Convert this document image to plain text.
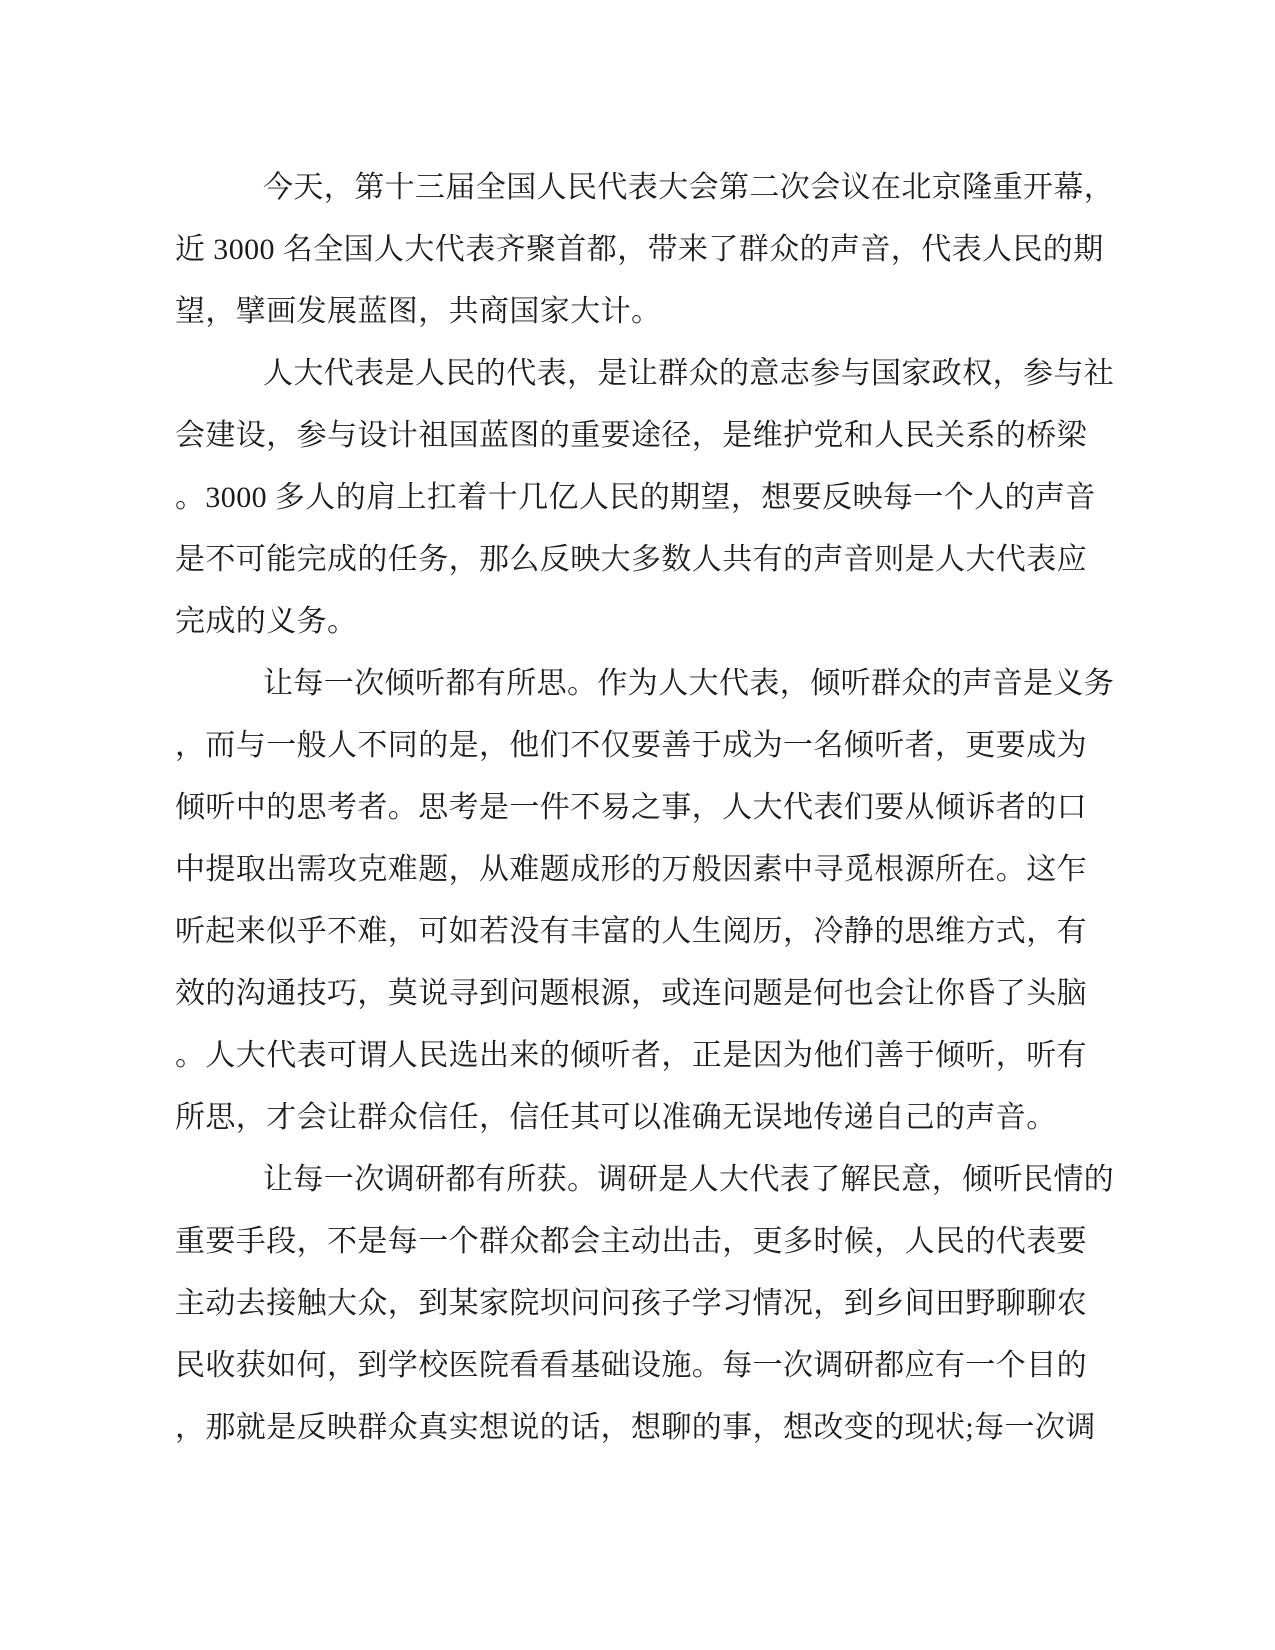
今天，第十三届全国人民代表大会第二次会议在北京隆重开幕，
近 3000 名全国人大代表齐聚首都，带来了群众的声音，代表人民的期
望，擘画发展蓝图，共商国家大计。
人大代表是人民的代表，是让群众的意志参与国家政权，参与社
会建设，参与设计祖国蓝图的重要途径，是维护党和人民关系的桥梁
。3000 多人的肩上扛着十几亿人民的期望，想要反映每一个人的声音
是不可能完成的任务，那么反映大多数人共有的声音则是人大代表应
完成的义务。
让每一次倾听都有所思。作为人大代表，倾听群众的声音是义务
，而与一般人不同的是，他们不仅要善于成为一名倾听者，更要成为
倾听中的思考者。思考是一件不易之事，人大代表们要从倾诉者的口
中提取出需攻克难题，从难题成形的万般因素中寻觅根源所在。这乍
听起来似乎不难，可如若没有丰富的人生阅历，冷静的思维方式，有
效的沟通技巧，莫说寻到问题根源，或连问题是何也会让你昏了头脑
。人大代表可谓人民选出来的倾听者，正是因为他们善于倾听，听有
所思，才会让群众信任，信任其可以准确无误地传递自己的声音。
让每一次调研都有所获。调研是人大代表了解民意，倾听民情的
重要手段，不是每一个群众都会主动出击，更多时候，人民的代表要
主动去接触大众，到某家院坝问问孩子学习情况，到乡间田野聊聊农
民收获如何，到学校医院看看基础设施。每一次调研都应有一个目的
，那就是反映群众真实想说的话，想聊的事，想改变的现状;每一次调
